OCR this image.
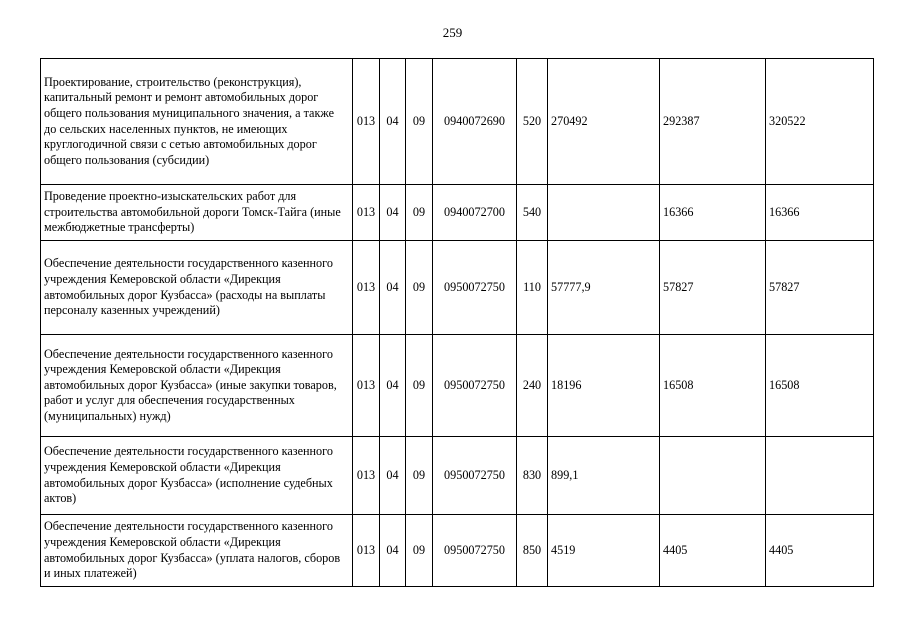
259
Проектирование, строительство (реконструкция), капитальный ремонт и ремонт автомобильных дорог общего пользования муниципального значения, а также до сельских населенных пунктов, не имеющих круглогодичной связи с сетью автомобильных дорог общего пользования (субсидии)	013	04	09	0940072690	520	270492	292387	320522
Проведение проектно-изыскательских работ для строительства автомобильной дороги Томск-Тайга (иные межбюджетные трансферты)	013	04	09	0940072700	540		16366	16366
Обеспечение деятельности государственного казенного учреждения Кемеровской области «Дирекция автомобильных дорог Кузбасса» (расходы на выплаты персоналу казенных учреждений)	013	04	09	0950072750	110	57777,9	57827	57827
Обеспечение деятельности государственного казенного учреждения Кемеровской области «Дирекция автомобильных дорог Кузбасса» (иные закупки товаров, работ и услуг для обеспечения государственных (муниципальных) нужд)	013	04	09	0950072750	240	18196	16508	16508
Обеспечение деятельности государственного казенного учреждения Кемеровской области «Дирекция автомобильных дорог Кузбасса» (исполнение судебных актов)	013	04	09	0950072750	830	899,1		
Обеспечение деятельности государственного казенного учреждения Кемеровской области «Дирекция автомобильных дорог Кузбасса» (уплата налогов, сборов и иных платежей)	013	04	09	0950072750	850	4519	4405	4405
